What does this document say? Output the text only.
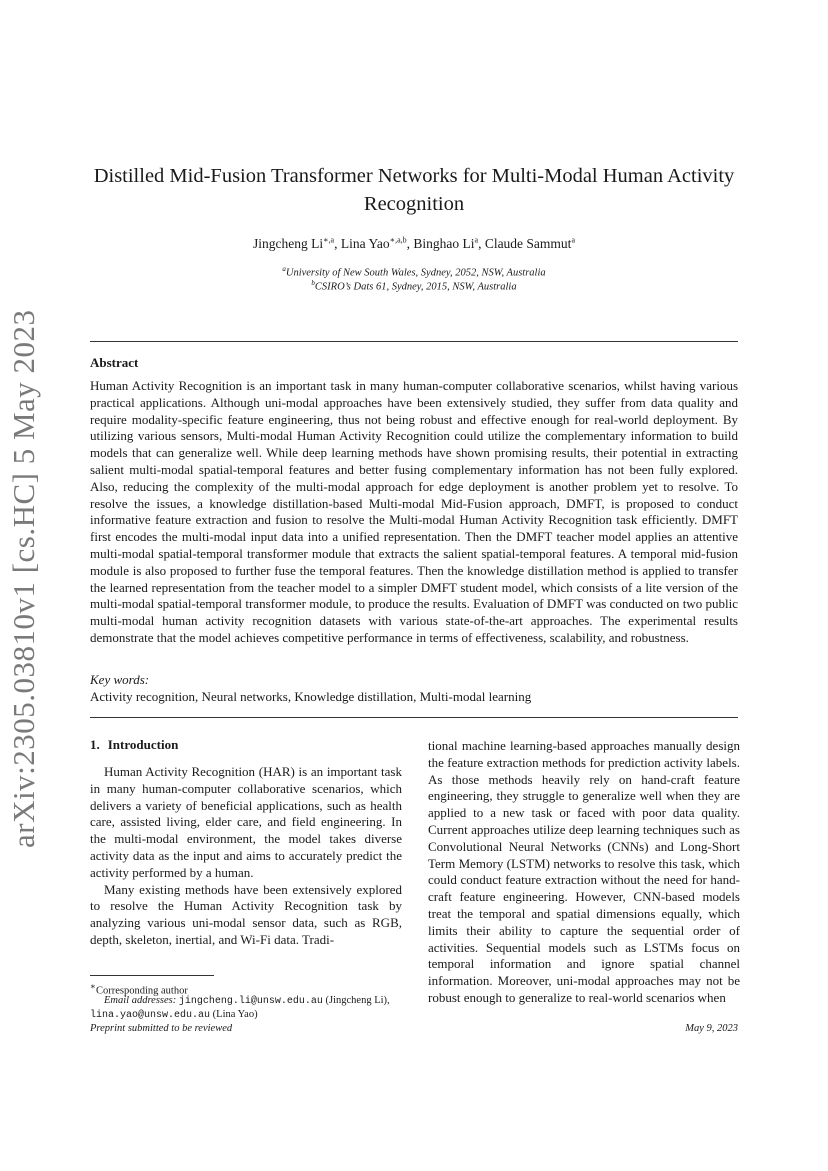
arXiv:2305.03810v1 [cs.HC] 5 May 2023
Distilled Mid-Fusion Transformer Networks for Multi-Modal Human Activity Recognition
Jingcheng $Li^{∗,a}$, Lina Yao$^{∗,a,b}$, Binghao Li$^a$, Claude Sammut$^a$
$^a$University of New South Wales, Sydney, 2052, NSW, Australia
$^b$CSIRO’s Dats 61, Sydney, 2015, NSW, Australia
Abstract
Human Activity Recognition is an important task in many human-computer collaborative scenarios, whilst having various practical applications. Although uni-modal approaches have been extensively studied, they suffer from data quality and require modality-specific feature engineering, thus not being robust and effective enough for real-world deployment. By utilizing various sensors, Multi-modal Human Activity Recognition could utilize the complementary information to build models that can generalize well. While deep learning methods have shown promising results, their potential in extracting salient multi-modal spatial-temporal features and better fusing complementary information has not been fully explored. Also, reducing the complexity of the multi-modal approach for edge deployment is another problem yet to resolve. To resolve the issues, a knowledge distillation-based Multi-modal Mid-Fusion approach, DMFT, is proposed to conduct informative feature extraction and fusion to resolve the Multi-modal Human Activity Recognition task efficiently. DMFT first encodes the multi-modal input data into a unified representation. Then the DMFT teacher model applies an attentive multi-modal spatial-temporal transformer module that extracts the salient spatial-temporal features. A temporal mid-fusion module is also proposed to further fuse the temporal features. Then the knowledge distillation method is applied to transfer the learned representation from the teacher model to a simpler DMFT student model, which consists of a lite version of the multi-modal spatial-temporal transformer module, to produce the results. Evaluation of DMFT was conducted on two public multi-modal human activity recognition datasets with various state-of-the-art approaches. The experimental results demonstrate that the model achieves competitive performance in terms of effectiveness, scalability, and robustness.
Key words:
Activity recognition, Neural networks, Knowledge distillation, Multi-modal learning
1. Introduction

Human Activity Recognition (HAR) is an important task in many human-computer collaborative scenarios, which delivers a variety of beneficial applications, such as health care, assisted living, elder care, and field engineering. In the multi-modal environment, the model takes diverse activity data as the input and aims to accurately predict the activity performed by a human.

Many existing methods have been extensively explored to resolve the Human Activity Recognition task by analyzing various uni-modal sensor data, such as RGB, depth, skeleton, inertial, and Wi-Fi data. Tradi-

tional machine learning-based approaches manually design the feature extraction methods for prediction activity labels. As those methods heavily rely on hand-craft feature engineering, they struggle to generalize well when they are applied to a new task or faced with poor data quality. Current approaches utilize deep learning techniques such as Convolutional Neural Networks (CNNs) and Long-Short Term Memory (LSTM) networks to resolve this task, which could conduct feature extraction without the need for hand-craft feature engineering. However, CNN-based models treat the temporal and spatial dimensions equally, which limits their ability to capture the sequential order of activities. Sequential models such as LSTMs focus on temporal information and ignore spatial channel information. Moreover, uni-modal approaches may not be robust enough to generalize to real-world scenarios when

∗Corresponding author
Email addresses: jingcheng.li@unsw.edu.au (Jingcheng Li), lina.yao@unsw.edu.au (Lina Yao)
Preprint submitted to be reviewed	May 9, 2023
